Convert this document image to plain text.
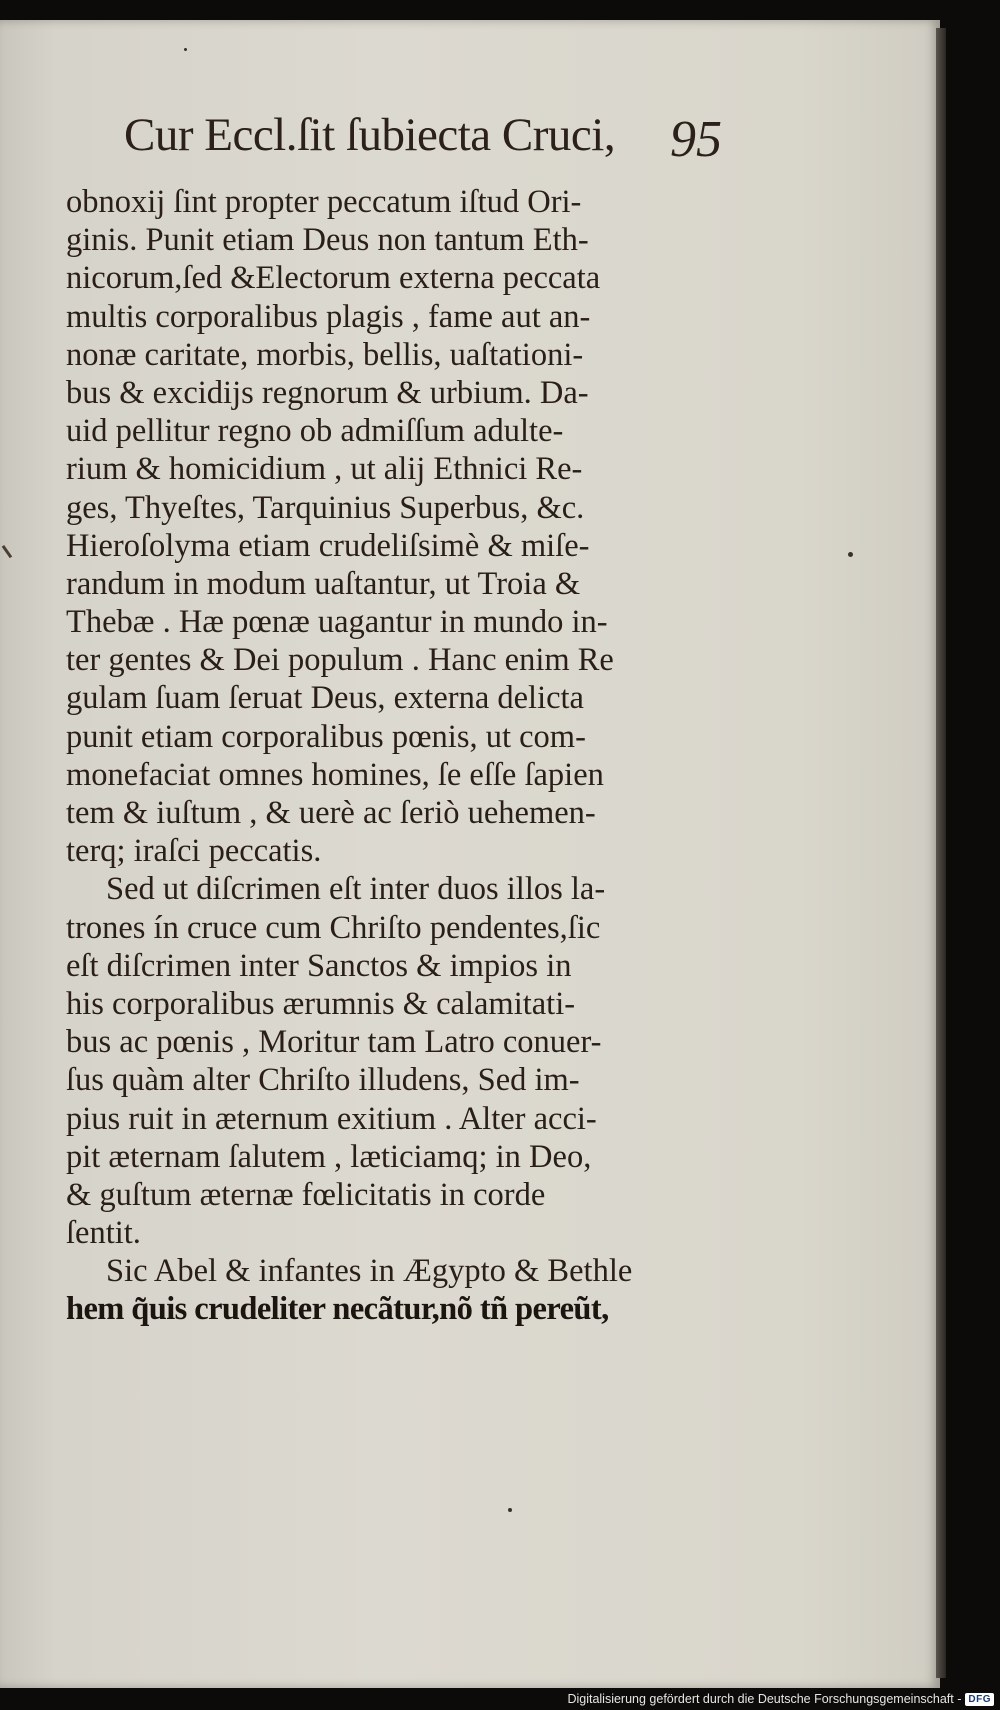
Cur Eccl.ſit ſubiecta Cruci, 95
obnoxij ſint propter peccatum iſtud Ori-
ginis. Punit etiam Deus non tantum Eth-
nicorum,ſed &Electorum externa peccata
multis corporalibus plagis , fame aut an-
nonæ caritate, morbis, bellis, uaſtationi-
bus & excidijs regnorum & urbium. Da-
uid pellitur regno ob admiſſum adulte-
rium & homicidium , ut alij Ethnici Re-
ges, Thyeſtes, Tarquinius Superbus, &c.
Hieroſolyma etiam crudeliſsimè & miſe-
randum in modum uaſtantur, ut Troia &
Thebæ . Hæ pœnæ uagantur in mundo in-
ter gentes & Dei populum . Hanc enim Re
gulam ſuam ſeruat Deus, externa delicta
punit etiam corporalibus pœnis, ut com-
monefaciat omnes homines, ſe eſſe ſapien
tem & iuſtum , & uerè ac ſeriò uehemen-
terq; iraſci peccatis.
Sed ut diſcrimen eſt inter duos illos la-
trones ín cruce cum Chriſto pendentes,ſic
eſt diſcrimen inter Sanctos & impios in
his corporalibus ærumnis & calamitati-
bus ac pœnis , Moritur tam Latro conuer-
ſus quàm alter Chriſto illudens, Sed im-
pius ruit in æternum exitium . Alter acci-
pit æternam ſalutem , læticiamq; in Deo,
& guſtum æternæ fœlicitatis in corde
ſentit.
Sic Abel & infantes in Ægypto & Bethle
hem q̃uis crudeliter necãtur,nõ tñ pereũt,
Digitalisierung gefördert durch die Deutsche Forschungsgemeinschaft - DFG
